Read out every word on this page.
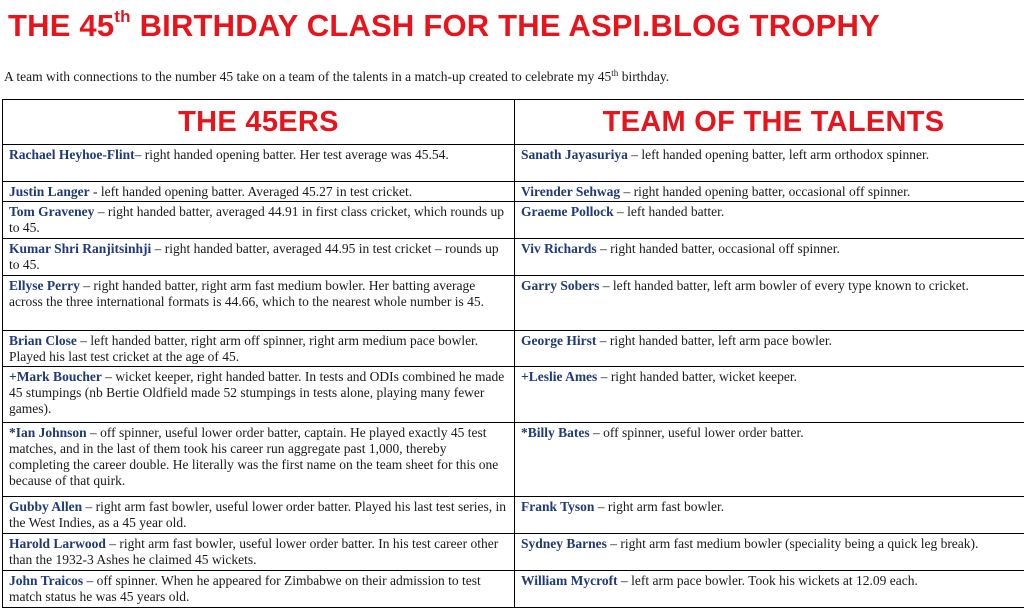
THE 45th BIRTHDAY CLASH FOR THE ASPI.BLOG TROPHY
A team with connections to the number 45 take on a team of the talents in a match-up created to celebrate my 45th birthday.
THE 45ERS	TEAM OF THE TALENTS
Rachael Heyhoe-Flint– right handed opening batter. Her test average was 45.54.	Sanath Jayasuriya – left handed opening batter, left arm orthodox spinner.
Justin Langer - left handed opening batter. Averaged 45.27 in test cricket.	Virender Sehwag – right handed opening batter, occasional off spinner.
Tom Graveney – right handed batter, averaged 44.91 in first class cricket, which rounds up to 45.	Graeme Pollock – left handed batter.
Kumar Shri Ranjitsinhji – right handed batter, averaged 44.95 in test cricket – rounds up to 45.	Viv Richards – right handed batter, occasional off spinner.
Ellyse Perry – right handed batter, right arm fast medium bowler. Her batting average across the three international formats is 44.66, which to the nearest whole number is 45.	Garry Sobers – left handed batter, left arm bowler of every type known to cricket.
Brian Close – left handed batter, right arm off spinner, right arm medium pace bowler. Played his last test cricket at the age of 45.	George Hirst – right handed batter, left arm pace bowler.
+Mark Boucher – wicket keeper, right handed batter. In tests and ODIs combined he made 45 stumpings (nb Bertie Oldfield made 52 stumpings in tests alone, playing many fewer games).	+Leslie Ames – right handed batter, wicket keeper.
*Ian Johnson – off spinner, useful lower order batter, captain. He played exactly 45 test matches, and in the last of them took his career run aggregate past 1,000, thereby completing the career double. He literally was the first name on the team sheet for this one because of that quirk.	*Billy Bates – off spinner, useful lower order batter.
Gubby Allen – right arm fast bowler, useful lower order batter. Played his last test series, in the West Indies, as a 45 year old.	Frank Tyson – right arm fast bowler.
Harold Larwood – right arm fast bowler, useful lower order batter. In his test career other than the 1932-3 Ashes he claimed 45 wickets.	Sydney Barnes – right arm fast medium bowler (speciality being a quick leg break).
John Traicos – off spinner. When he appeared for Zimbabwe on their admission to test match status he was 45 years old.	William Mycroft – left arm pace bowler. Took his wickets at 12.09 each.
